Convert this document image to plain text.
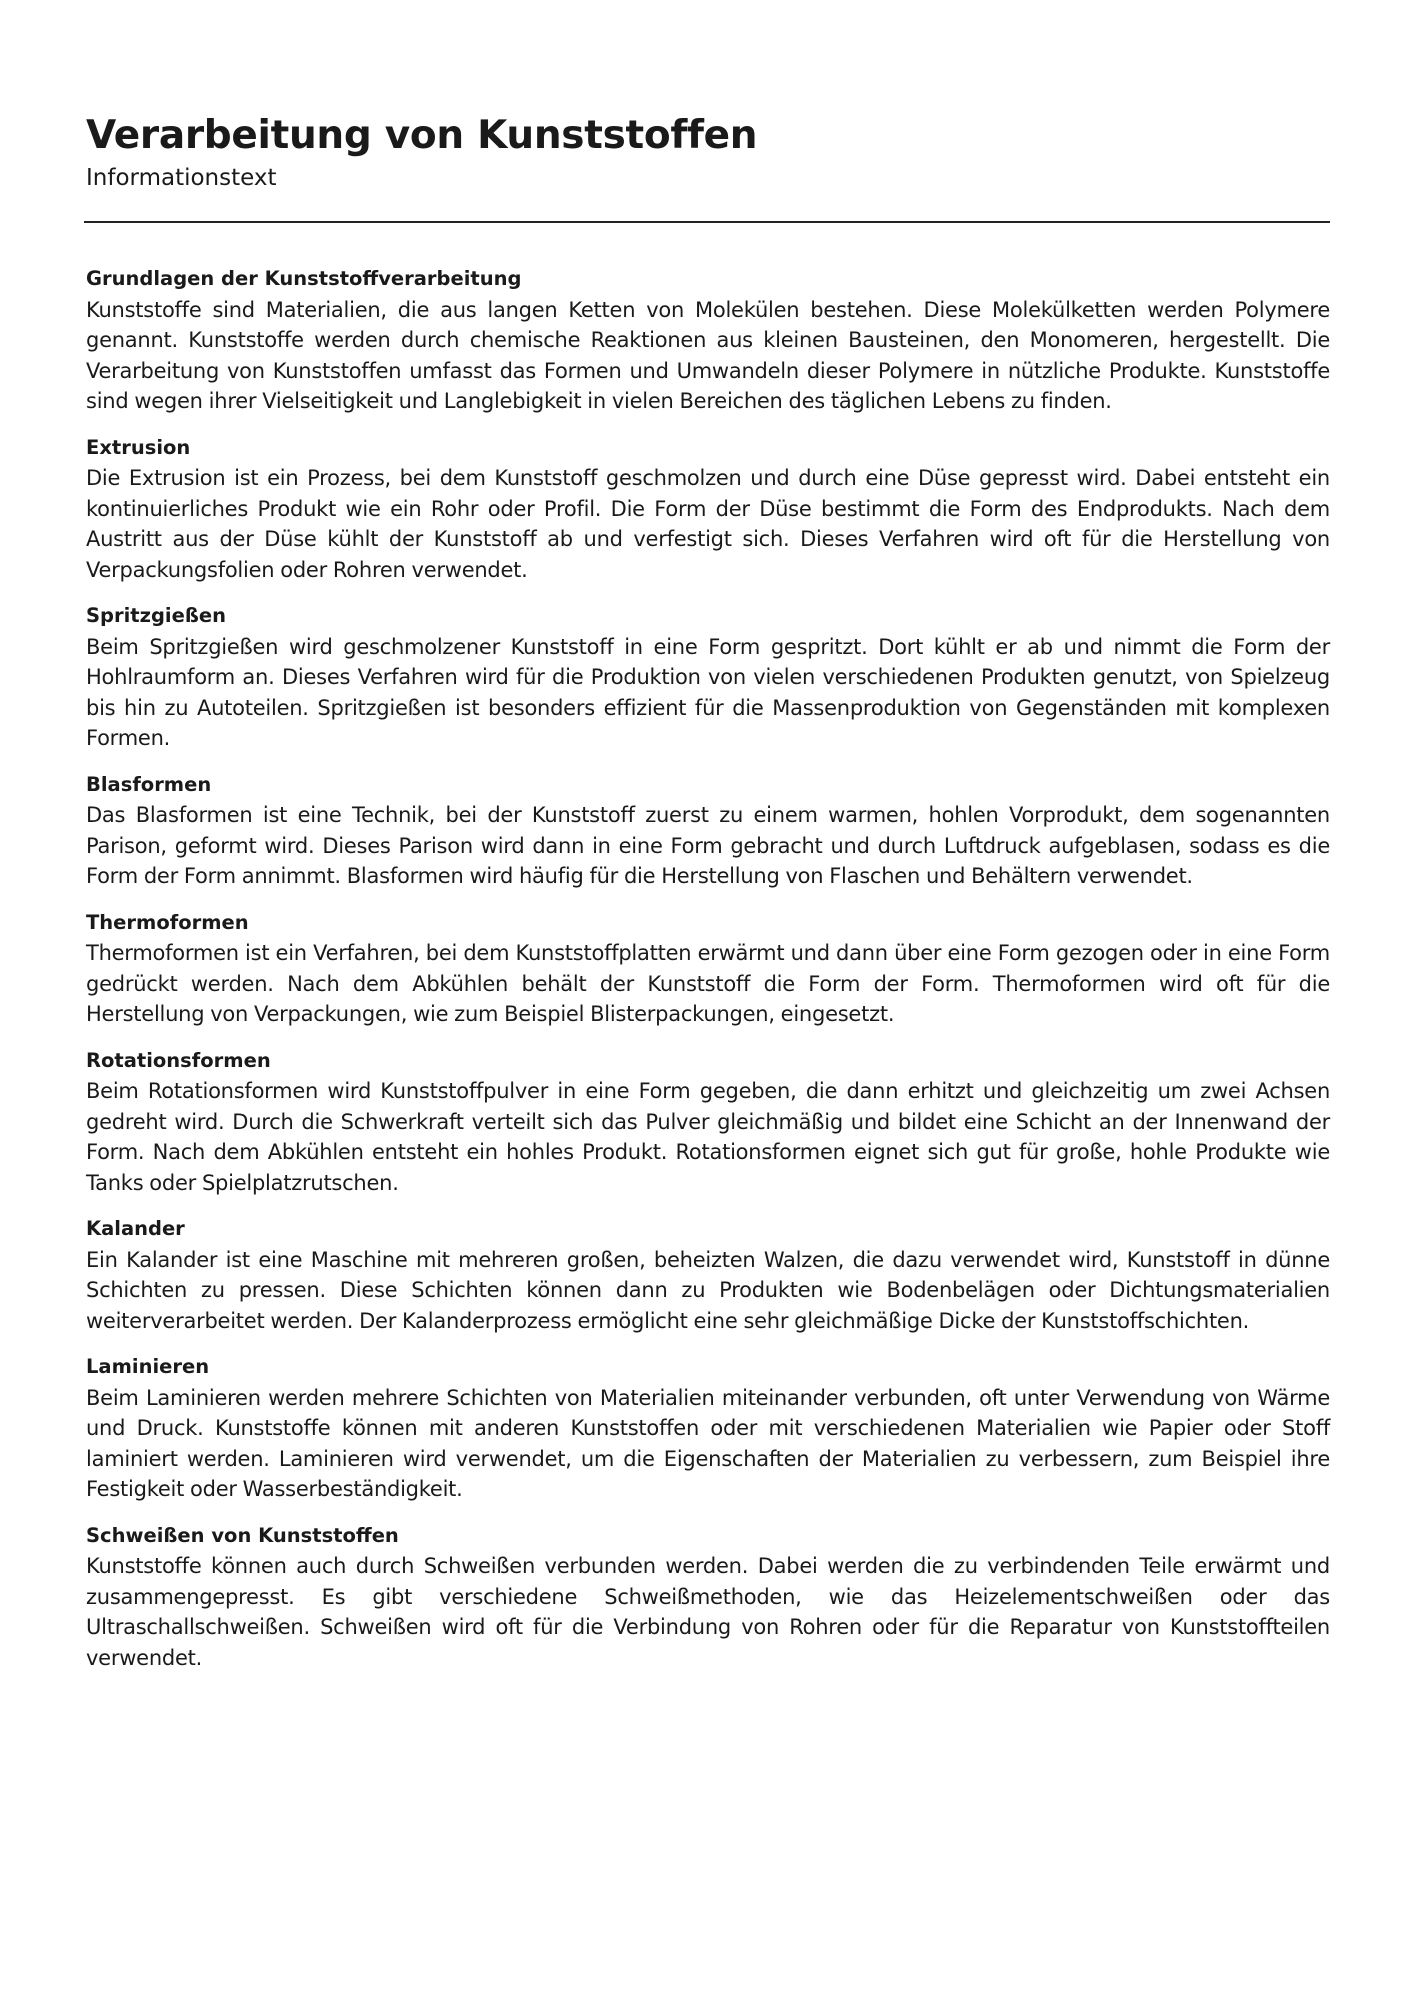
Verarbeitung von Kunststoffen

Informationstext

Grundlagen der Kunststoffverarbeitung

Kunststoffe sind Materialien, die aus langen Ketten von Molekülen bestehen. Diese Molekülketten werden Polymere genannt. Kunststoffe werden durch chemische Reaktionen aus kleinen Bausteinen, den Monomeren, hergestellt. Die Verarbeitung von Kunststoffen umfasst das Formen und Umwandeln dieser Polymere in nützliche Produkte. Kunststoffe sind wegen ihrer Vielseitigkeit und Langlebigkeit in vielen Bereichen des täglichen Lebens zu finden.

Extrusion

Die Extrusion ist ein Prozess, bei dem Kunststoff geschmolzen und durch eine Düse gepresst wird. Dabei entsteht ein kontinuierliches Produkt wie ein Rohr oder Profil. Die Form der Düse bestimmt die Form des Endprodukts. Nach dem Austritt aus der Düse kühlt der Kunststoff ab und verfestigt sich. Dieses Verfahren wird oft für die Herstellung von Verpackungsfolien oder Rohren verwendet.

Spritzgießen

Beim Spritzgießen wird geschmolzener Kunststoff in eine Form gespritzt. Dort kühlt er ab und nimmt die Form der Hohlraumform an. Dieses Verfahren wird für die Produktion von vielen verschiedenen Produkten genutzt, von Spielzeug bis hin zu Autoteilen. Spritzgießen ist besonders effizient für die Massenproduktion von Gegenständen mit komplexen Formen.

Blasformen

Das Blasformen ist eine Technik, bei der Kunststoff zuerst zu einem warmen, hohlen Vorprodukt, dem sogenannten Parison, geformt wird. Dieses Parison wird dann in eine Form gebracht und durch Luftdruck aufgeblasen, sodass es die Form der Form annimmt. Blasformen wird häufig für die Herstellung von Flaschen und Behältern verwendet.

Thermoformen

Thermoformen ist ein Verfahren, bei dem Kunststoffplatten erwärmt und dann über eine Form gezogen oder in eine Form gedrückt werden. Nach dem Abkühlen behält der Kunststoff die Form der Form. Thermoformen wird oft für die Herstellung von Verpackungen, wie zum Beispiel Blisterpackungen, eingesetzt.

Rotationsformen

Beim Rotationsformen wird Kunststoffpulver in eine Form gegeben, die dann erhitzt und gleichzeitig um zwei Achsen gedreht wird. Durch die Schwerkraft verteilt sich das Pulver gleichmäßig und bildet eine Schicht an der Innenwand der Form. Nach dem Abkühlen entsteht ein hohles Produkt. Rotationsformen eignet sich gut für große, hohle Produkte wie Tanks oder Spielplatzrutschen.

Kalander

Ein Kalander ist eine Maschine mit mehreren großen, beheizten Walzen, die dazu verwendet wird, Kunststoff in dünne Schichten zu pressen. Diese Schichten können dann zu Produkten wie Bodenbelägen oder Dichtungsmaterialien weiterverarbeitet werden. Der Kalanderprozess ermöglicht eine sehr gleichmäßige Dicke der Kunststoffschichten.

Laminieren

Beim Laminieren werden mehrere Schichten von Materialien miteinander verbunden, oft unter Verwendung von Wärme und Druck. Kunststoffe können mit anderen Kunststoffen oder mit verschiedenen Materialien wie Papier oder Stoff laminiert werden. Laminieren wird verwendet, um die Eigenschaften der Materialien zu verbessern, zum Beispiel ihre Festigkeit oder Wasserbeständigkeit.

Schweißen von Kunststoffen

Kunststoffe können auch durch Schweißen verbunden werden. Dabei werden die zu verbindenden Teile erwärmt und zusammengepresst. Es gibt verschiedene Schweißmethoden, wie das Heizelementschweißen oder das Ultraschallschweißen. Schweißen wird oft für die Verbindung von Rohren oder für die Reparatur von Kunststoffteilen verwendet.
